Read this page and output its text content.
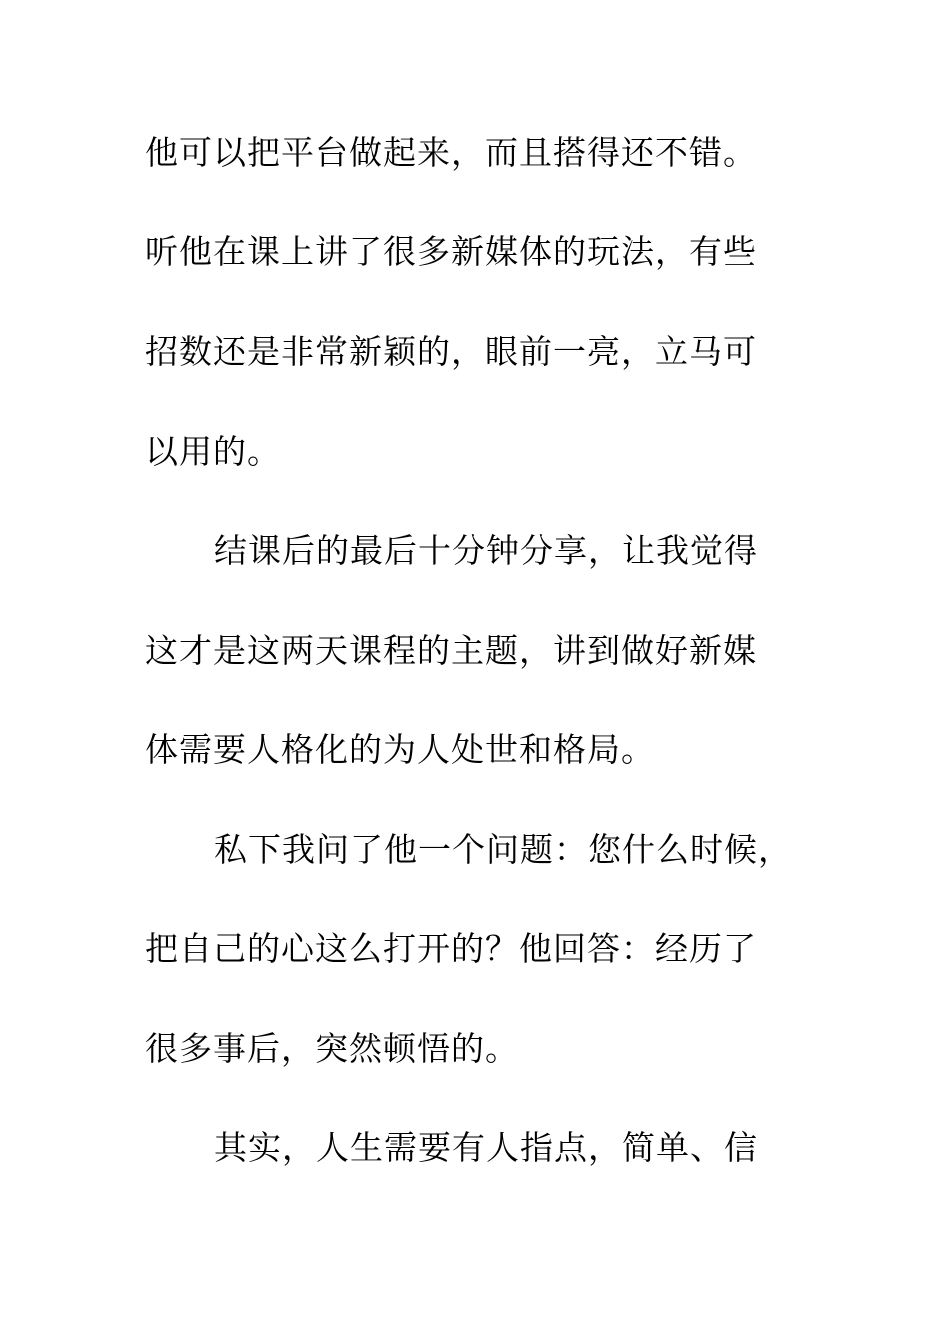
他可以把平台做起来，而且搭得还不错。
听他在课上讲了很多新媒体的玩法，有些
招数还是非常新颖的，眼前一亮，立马可
以用的。
结课后的最后十分钟分享，让我觉得
这才是这两天课程的主题，讲到做好新媒
体需要人格化的为人处世和格局。
私下我问了他一个问题：您什么时候，
把自己的心这么打开的？他回答：经历了
很多事后，突然顿悟的。
其实，人生需要有人指点，简单、信
